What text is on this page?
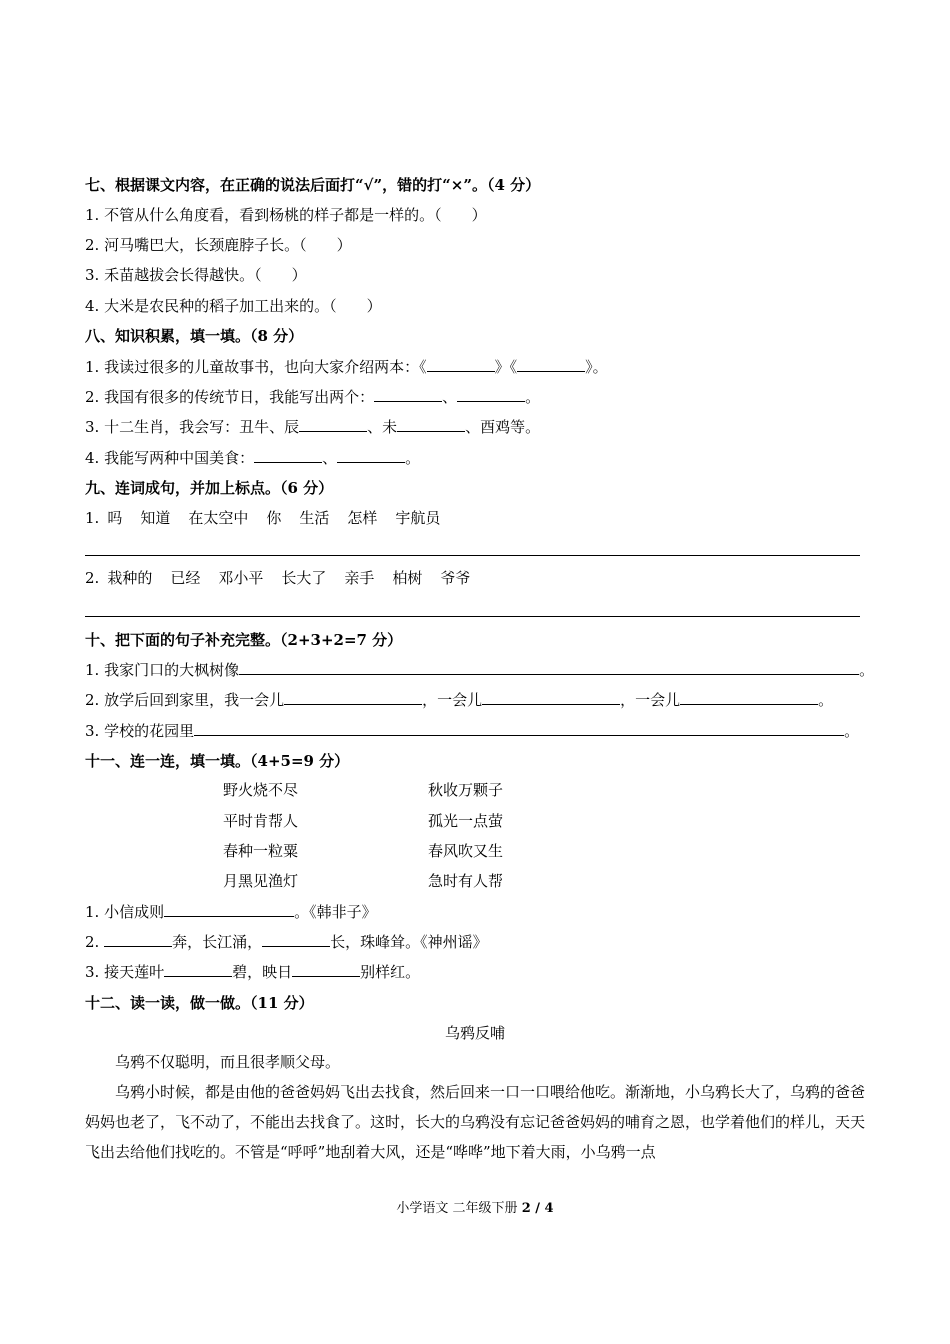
七、根据课文内容，在正确的说法后面打“√”，错的打“×”。（4 分）
1. 不管从什么角度看，看到杨桃的样子都是一样的。（　　）
2. 河马嘴巴大，长颈鹿脖子长。（　　）
3. 禾苗越拔会长得越快。（　　）
4. 大米是农民种的稻子加工出来的。（　　）
八、知识积累，填一填。（8 分）
1. 我读过很多的儿童故事书，也向大家介绍两本：《	》《	》。
2. 我国有很多的传统节日，我能写出两个：	、	。
3. 十二生肖，我会写：丑牛、辰	、未	、酉鸡等。
4. 我能写两种中国美食：	、	。
九、连词成句，并加上标点。（6 分）
1. 吗 知道 在太空中 你 生活 怎样 宇航员
2. 栽种的 已经 邓小平 长大了 亲手 柏树 爷爷
十、把下面的句子补充完整。（2+3+2=7 分）
1. 我家门口的大枫树像	。
2. 放学后回到家里，我一会儿	，一会儿	，一会儿	。
3. 学校的花园里	。
十一、连一连，填一填。（4+5=9 分）
野火烧不尽	秋收万颗子
平时肯帮人	孤光一点萤
春种一粒粟	春风吹又生
月黑见渔灯	急时有人帮
1. 小信成则	。《韩非子》
2.	奔，长江涌，	长，珠峰耸。《神州谣》
3. 接天莲叶	碧，映日	别样红。
十二、读一读，做一做。（11 分）
乌鸦反哺
乌鸦不仅聪明，而且很孝顺父母。
乌鸦小时候，都是由他的爸爸妈妈飞出去找食，然后回来一口一口喂给他吃。渐渐地，小乌鸦长大了，乌鸦的爸爸妈妈也老了，飞不动了，不能出去找食了。这时，长大的乌鸦没有忘记爸爸妈妈的哺育之恩，也学着他们的样儿，天天飞出去给他们找吃的。不管是“呼呼”地刮着大风，还是“哗哗”地下着大雨，小乌鸦一点
小学语文 二年级下册 2 / 4
